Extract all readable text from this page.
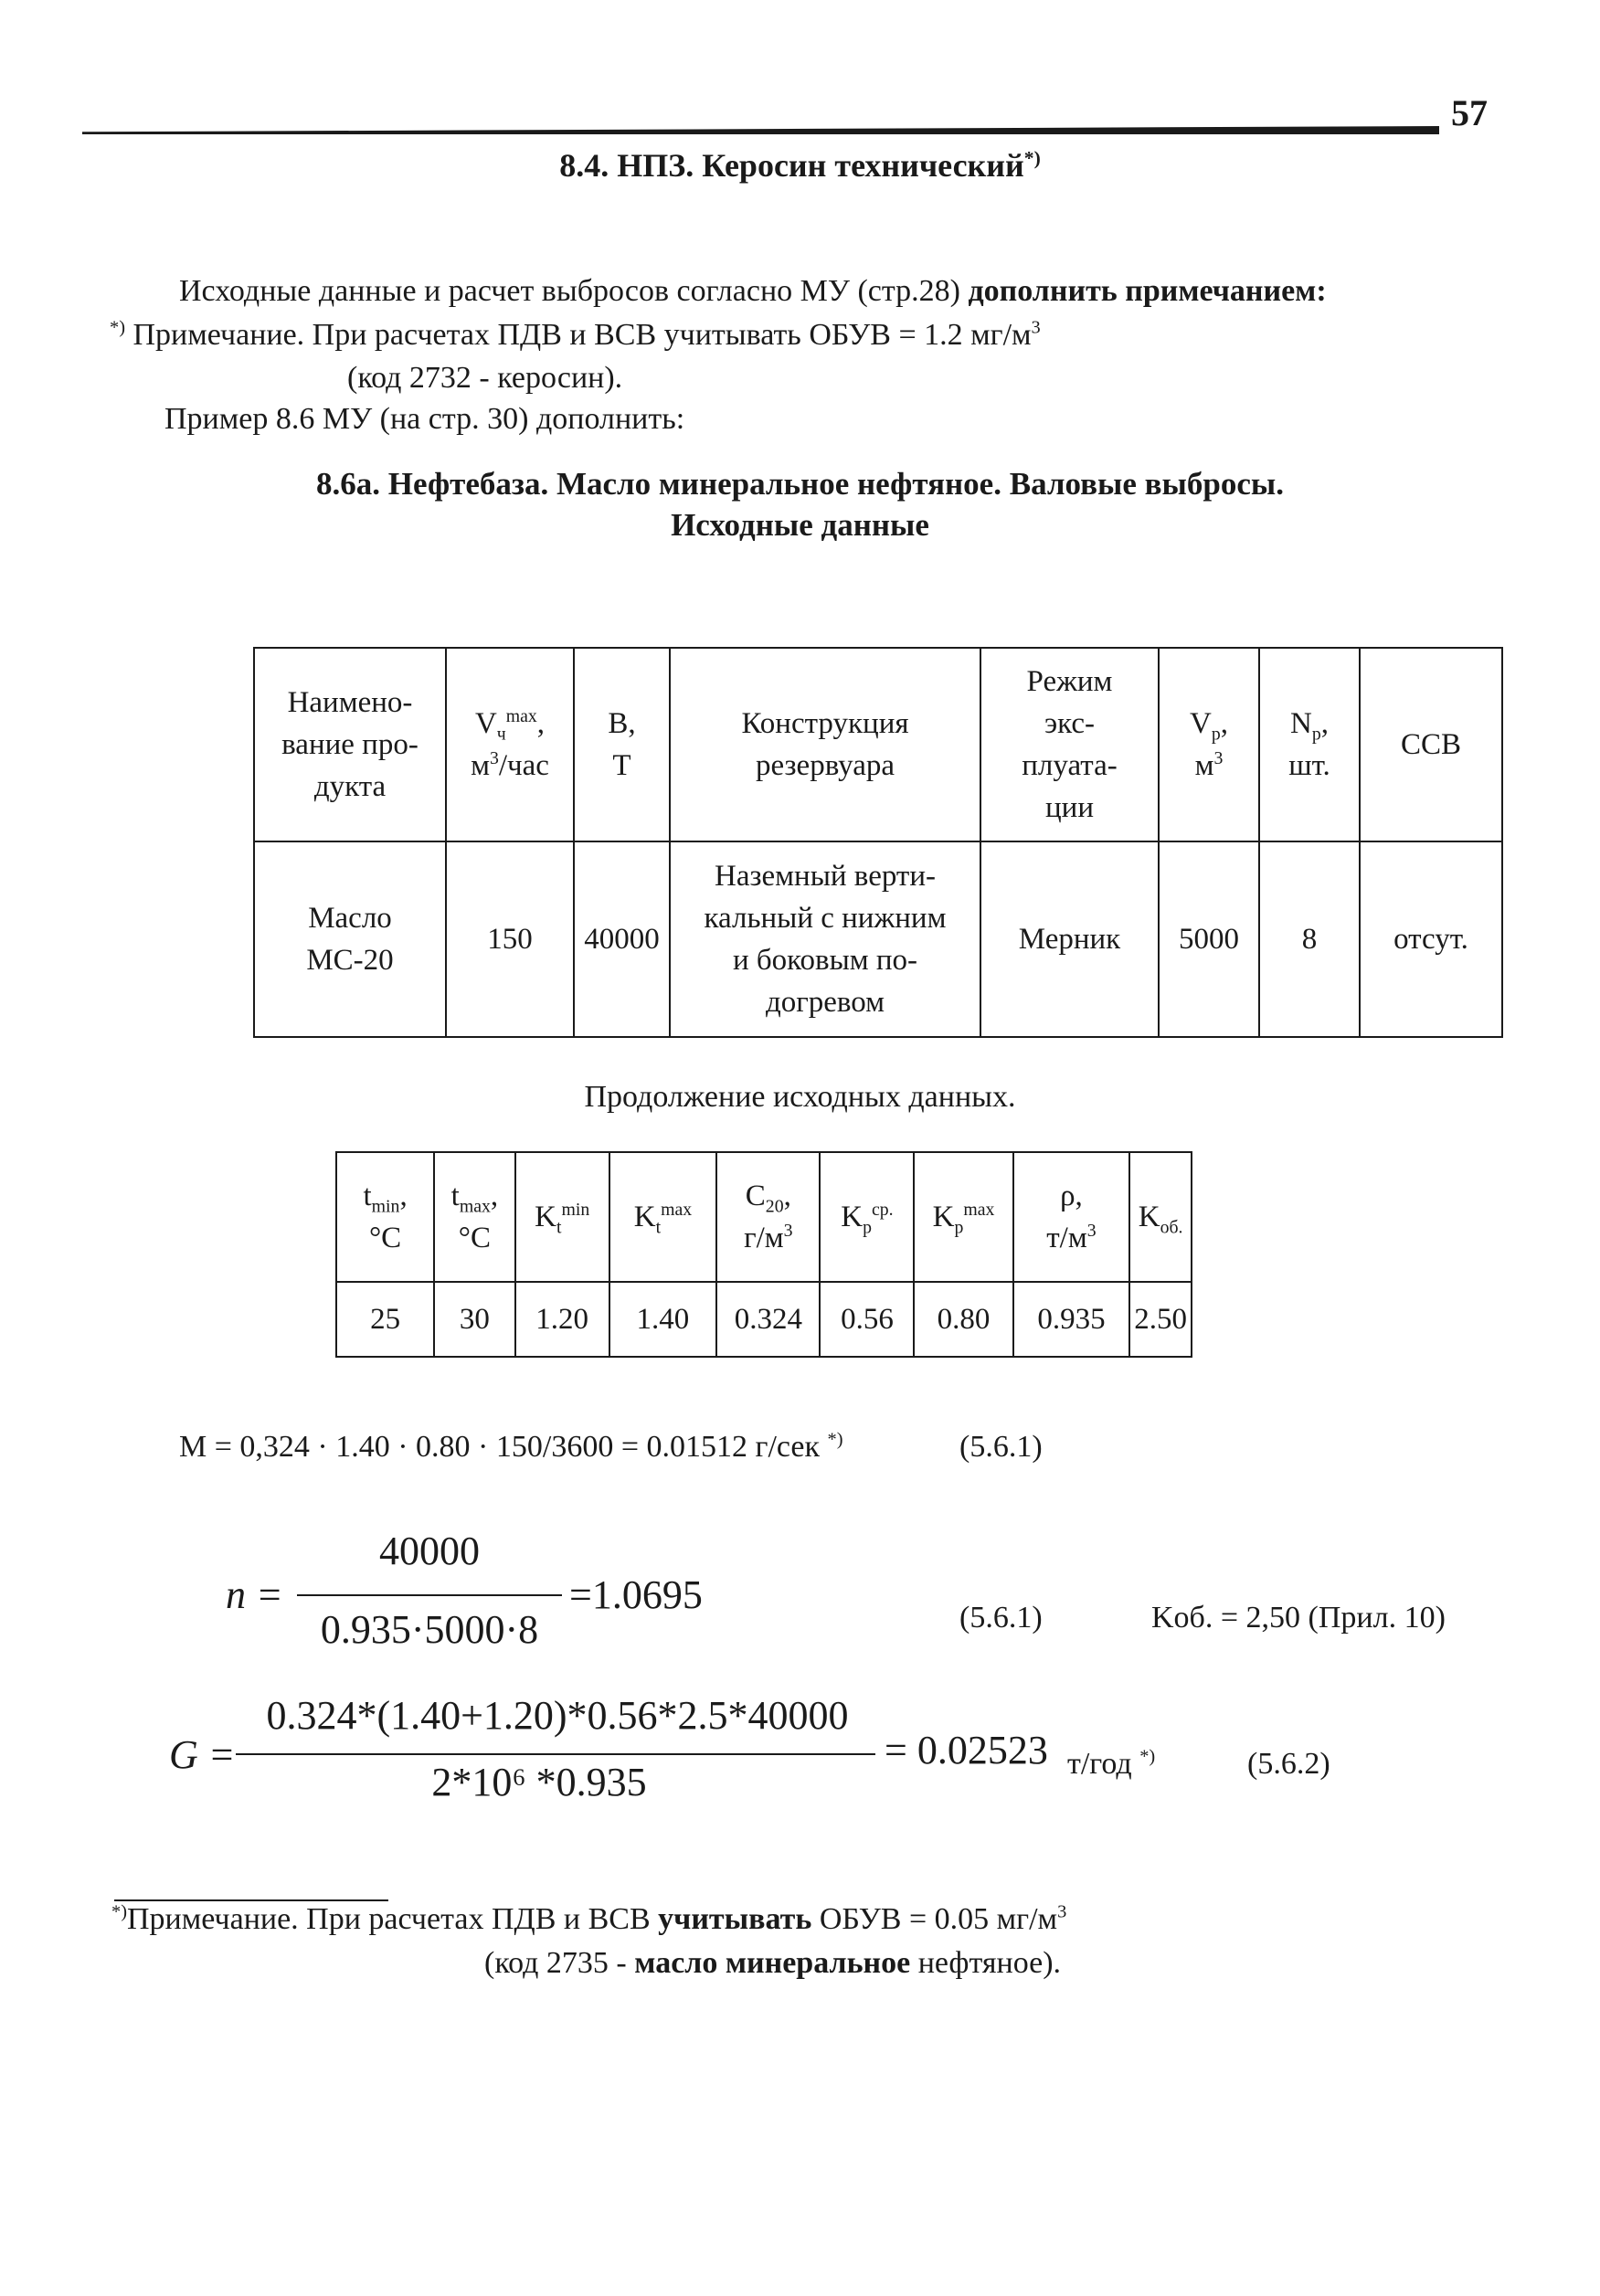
57
8.4. НПЗ. Керосин технический*)
Исходные данные и расчет выбросов согласно МУ (стр.28) дополнить примечанием:
*) Примечание. При расчетах ПДВ и ВСВ учитывать ОБУВ = 1.2 $мг/м^3$
(код 2732 - керосин).
Пример 8.6 МУ (на стр. 30) дополнить:
8.6а. Нефтебаза. Масло минеральное нефтяное. Валовые выбросы.
Исходные данные
Наимено-
вание про-
дукта	$V_ч^{max}$,
$м^3$/час	В,
Т	Конструкция
резервуара	Режим
экс-
плуата-
ции	$V_р$,
$м^3$	$N_р$,
шт.	ССВ
Масло
МС-20	150	40000	Наземный верти-
кальный с нижним
и боковым по-
догревом	Мерник	5000	8	отсут.
Продолжение исходных данных.
$t_{min}$,
°С	$t_{max}$,
°С	$K_t^{min}$	$K_t^{max}$	$C_{20}$,
$г/м^3$	$K_р^{ср.}$	$K_р^{max}$	ρ,
$т/м^3$	$K_{об.}$
25	30	1.20	1.40	0.324	0.56	0.80	0.935	2.50
М = 0,324 · 1.40 · 0.80 · 150/3600 = 0.01512 г/сек *)	(5.6.1)
n =
40000
0.935·5000·8
=1.0695
(5.6.1)	Kоб. = 2,50 (Прил. 10)
G =
0.324*(1.40+1.20)*0.56*2.5*40000
2*10⁶ *0.935
= 0.02523 т/год *)	(5.6.2)
*)Примечание. При расчетах ПДВ и ВСВ учитывать ОБУВ = 0.05 $мг/м^3$
(код 2735 - масло минеральное нефтяное).
